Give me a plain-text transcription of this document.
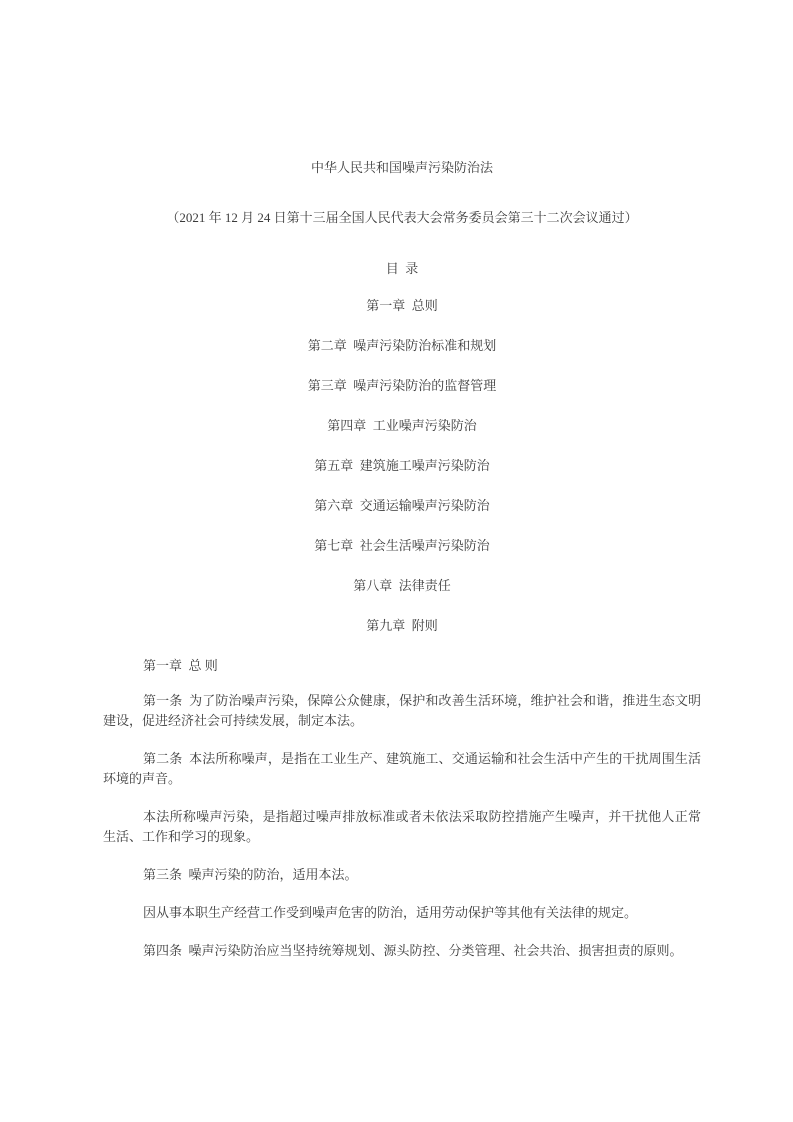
中华人民共和国噪声污染防治法
（2021 年 12 月 24 日第十三届全国人民代表大会常务委员会第三十二次会议通过）
目  录
第一章  总则
第二章  噪声污染防治标准和规划
第三章  噪声污染防治的监督管理
第四章  工业噪声污染防治
第五章  建筑施工噪声污染防治
第六章  交通运输噪声污染防治
第七章  社会生活噪声污染防治
第八章  法律责任
第九章  附则
第一章  总 则
第一条  为了防治噪声污染，保障公众健康，保护和改善生活环境，维护社会和谐，推进生态文明建设，促进经济社会可持续发展，制定本法。
第二条  本法所称噪声，是指在工业生产、建筑施工、交通运输和社会生活中产生的干扰周围生活环境的声音。
本法所称噪声污染，是指超过噪声排放标准或者未依法采取防控措施产生噪声，并干扰他人正常生活、工作和学习的现象。
第三条  噪声污染的防治，适用本法。
因从事本职生产经营工作受到噪声危害的防治，适用劳动保护等其他有关法律的规定。
第四条  噪声污染防治应当坚持统筹规划、源头防控、分类管理、社会共治、损害担责的原则。
